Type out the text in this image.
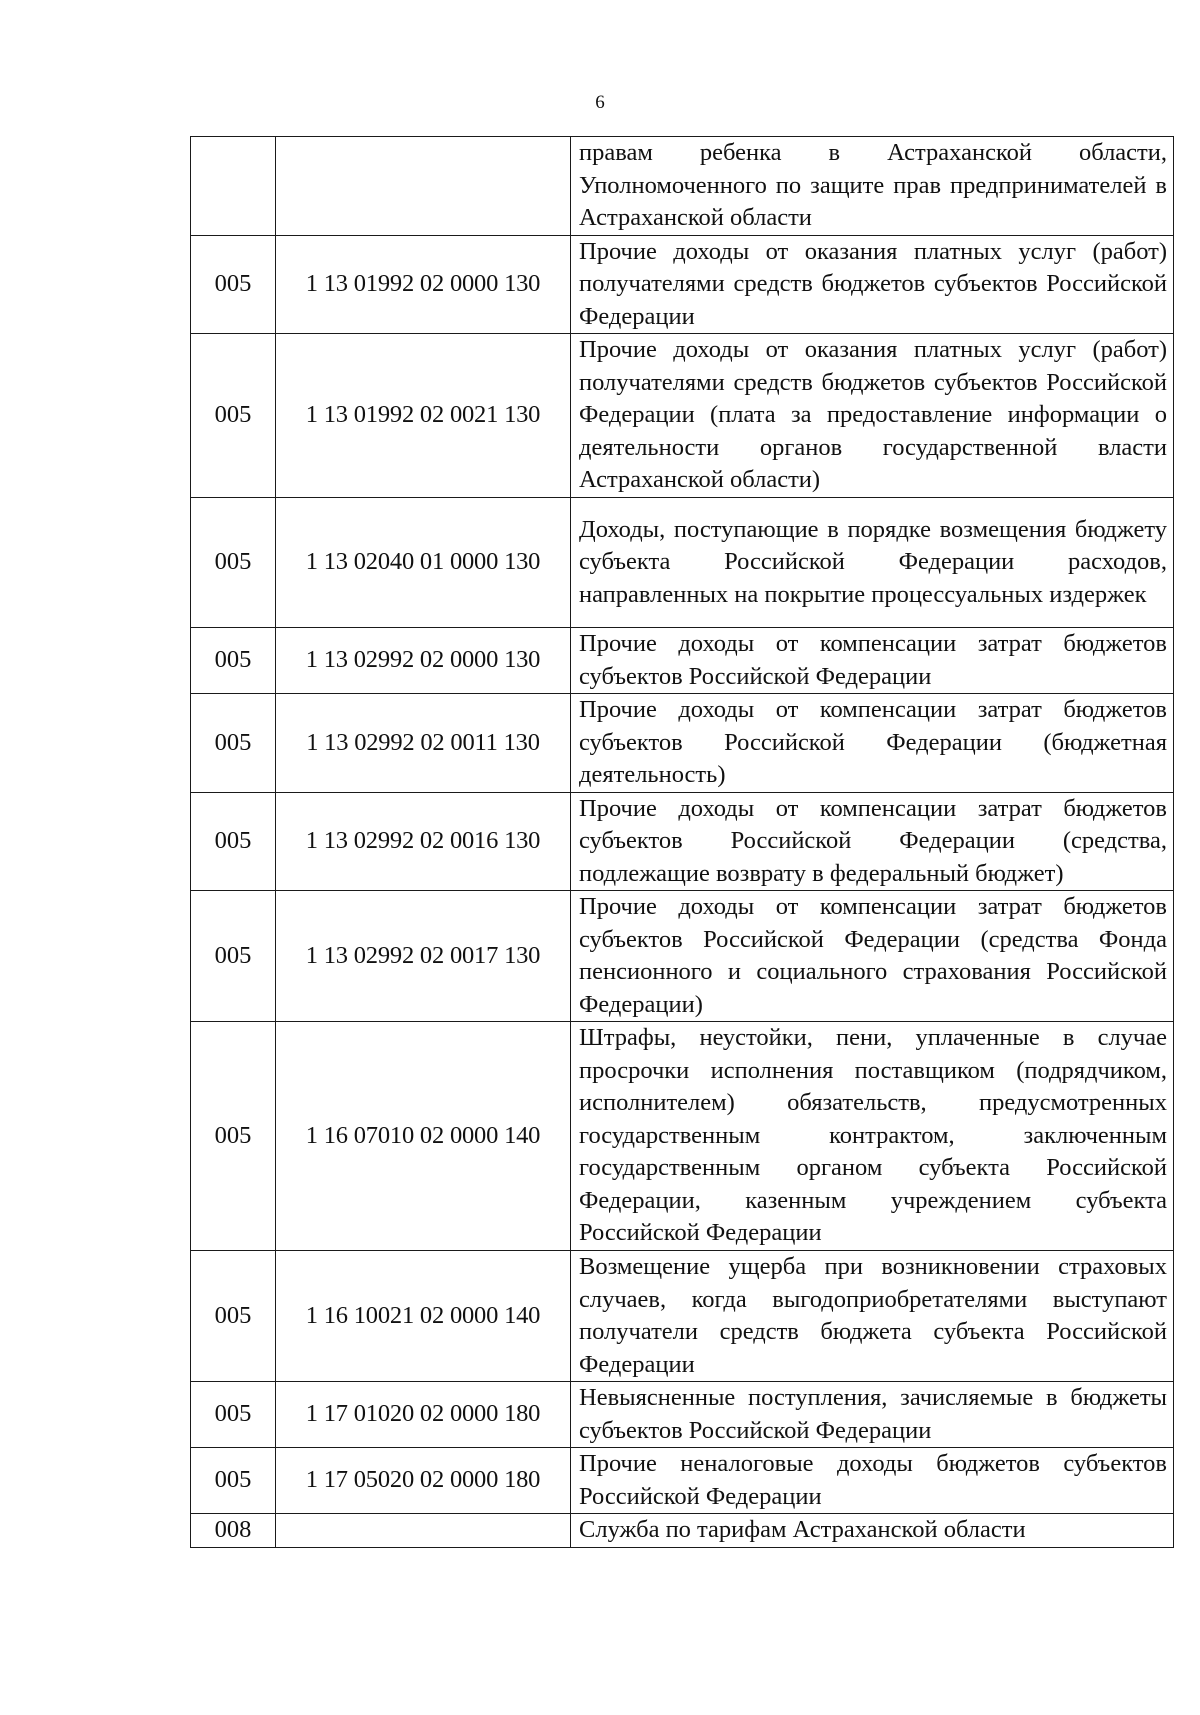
6
		правам ребенка в Астраханской области, Уполномоченного по защите прав предпринимателей в Астраханской области
005	1 13 01992 02 0000 130	Прочие доходы от оказания платных услуг (работ) получателями средств бюджетов субъектов Российской Федерации
005	1 13 01992 02 0021 130	Прочие доходы от оказания платных услуг (работ) получателями средств бюджетов субъектов Российской Федерации (плата за предоставление информации о деятельности органов государственной власти Астраханской области)
005	1 13 02040 01 0000 130	Доходы, поступающие в порядке возмещения бюджету субъекта Российской Федерации расходов, направленных на покрытие процессуальных издержек
005	1 13 02992 02 0000 130	Прочие доходы от компенсации затрат бюджетов субъектов Российской Федерации
005	1 13 02992 02 0011 130	Прочие доходы от компенсации затрат бюджетов субъектов Российской Федерации (бюджетная деятельность)
005	1 13 02992 02 0016 130	Прочие доходы от компенсации затрат бюджетов субъектов Российской Федерации (средства, подлежащие возврату в федеральный бюджет)
005	1 13 02992 02 0017 130	Прочие доходы от компенсации затрат бюджетов субъектов Российской Федерации (средства Фонда пенсионного и социального страхования Российской Федерации)
005	1 16 07010 02 0000 140	Штрафы, неустойки, пени, уплаченные в случае просрочки исполнения поставщиком (подрядчиком, исполнителем) обязательств, предусмотренных государственным контрактом, заключенным государственным органом субъекта Российской Федерации, казенным учреждением субъекта Российской Федерации
005	1 16 10021 02 0000 140	Возмещение ущерба при возникновении страховых случаев, когда выгодоприобретателями выступают получатели средств бюджета субъекта Российской Федерации
005	1 17 01020 02 0000 180	Невыясненные поступления, зачисляемые в бюджеты субъектов Российской Федерации
005	1 17 05020 02 0000 180	Прочие неналоговые доходы бюджетов субъектов Российской Федерации
008		Служба по тарифам Астраханской области
